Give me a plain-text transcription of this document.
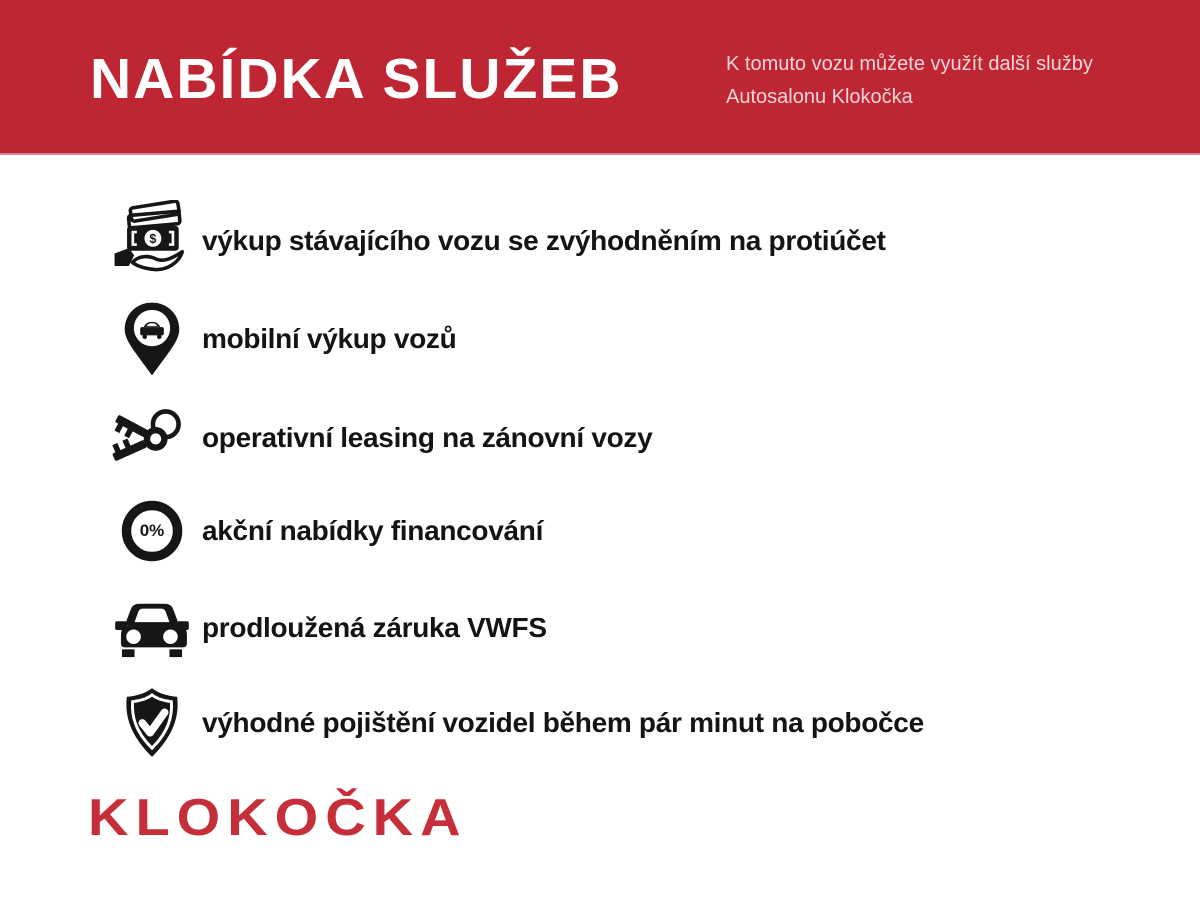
NABÍDKA SLUŽEB	K tomuto vozu můžete využít další služby
Autosalonu Klokočka
$ výkup stávajícího vozu se zvýhodněním na protiúčet
mobilní výkup vozů
operativní leasing na zánovní vozy
0%	akční nabídky financování
prodloužená záruka VWFS
výhodné pojištění vozidel během pár minut na pobočce
KLOKOČKA
